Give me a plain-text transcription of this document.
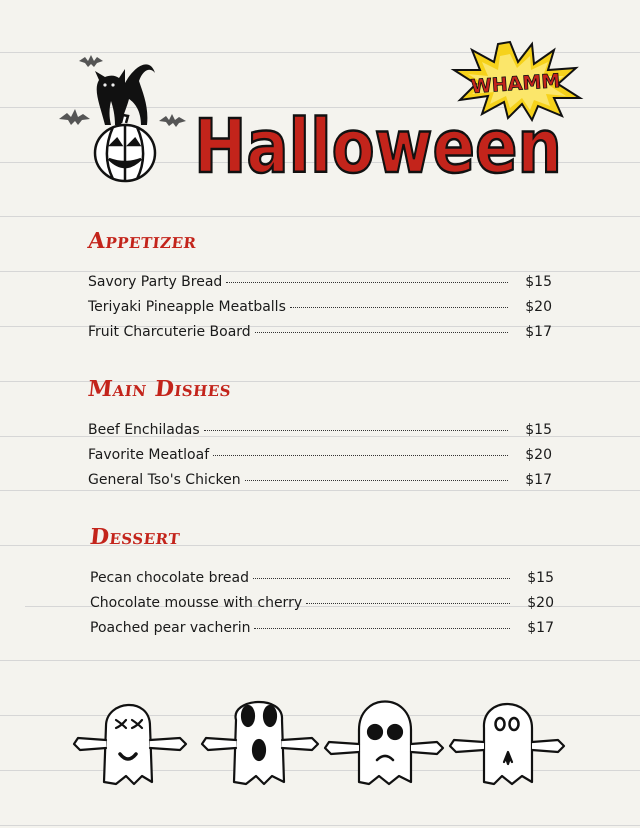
WHAMM
Halloween
Appetizer
Savory Party Bread	$15
Teriyaki Pineapple Meatballs	$20
Fruit Charcuterie Board	$17
Main Dishes
Beef Enchiladas	$15
Favorite Meatloaf	$20
General Tso's Chicken	$17
Dessert
Pecan chocolate bread	$15
Chocolate mousse with cherry	$20
Poached pear vacherin	$17
